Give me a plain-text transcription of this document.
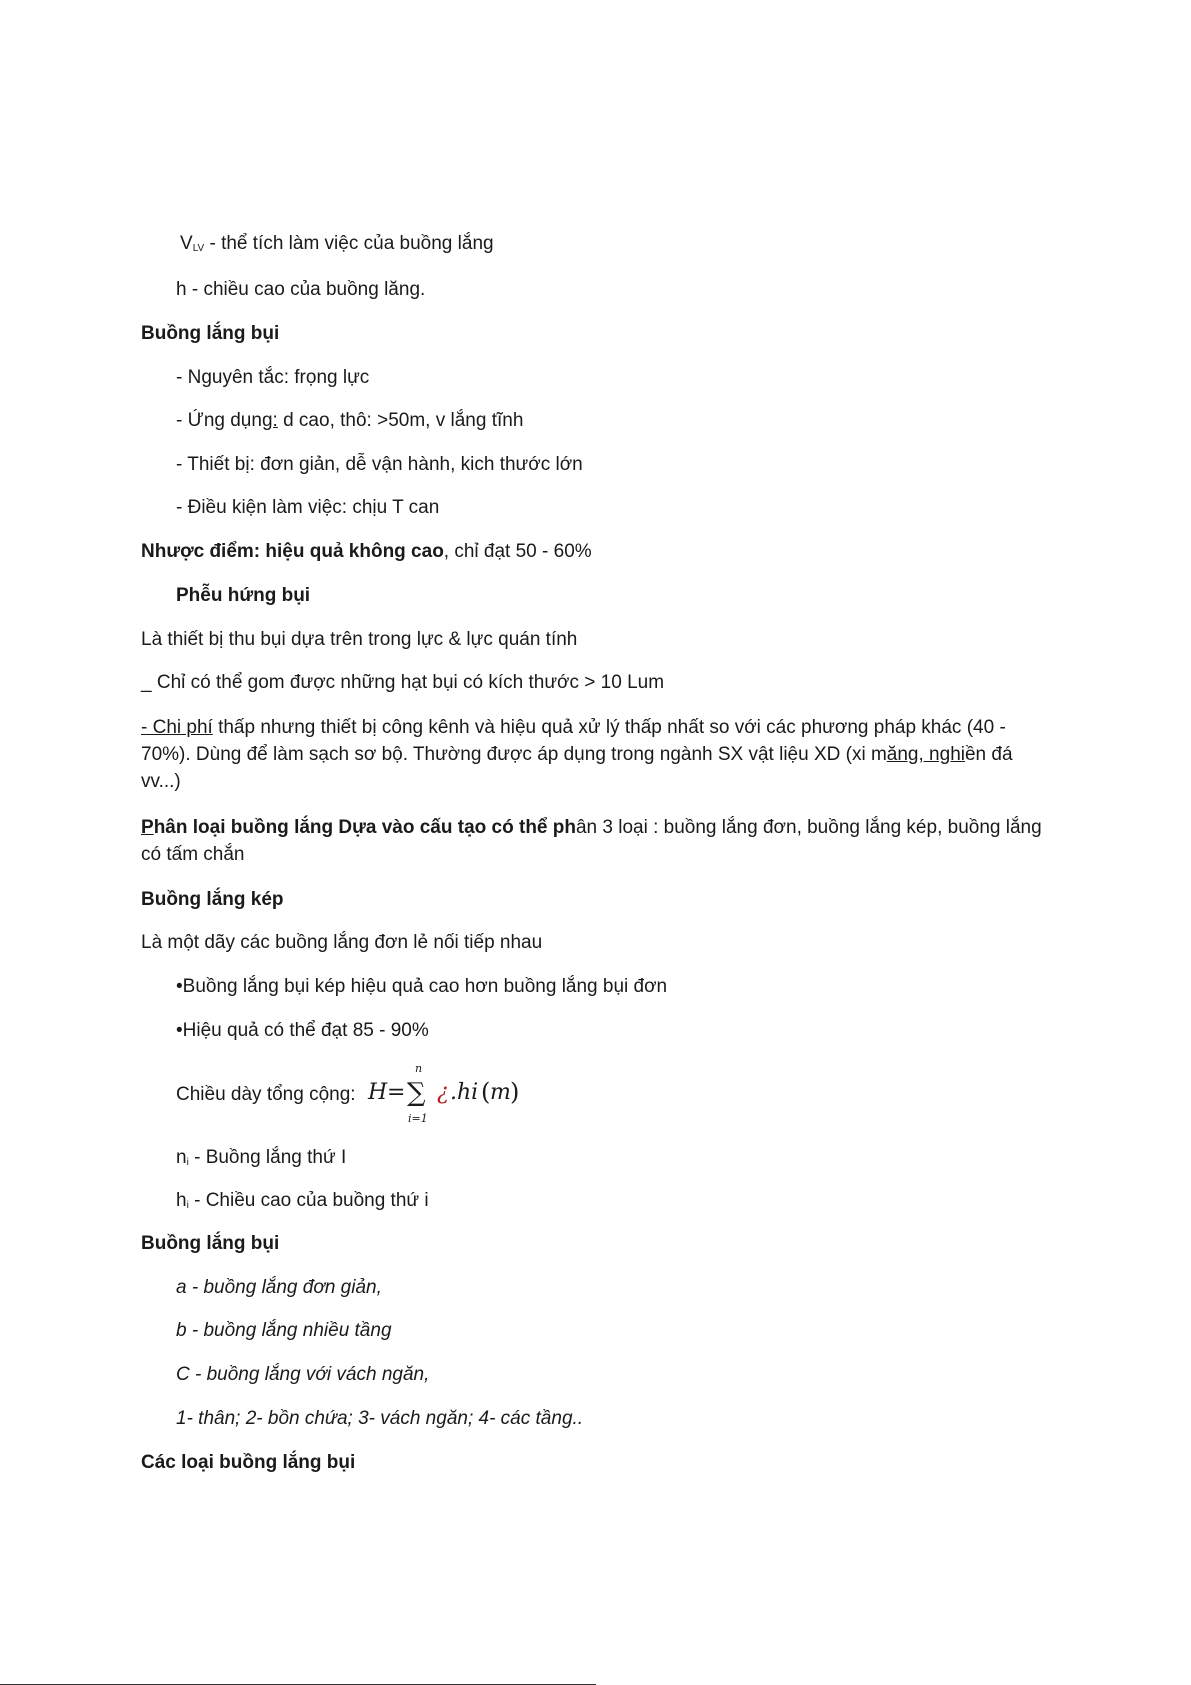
$V_{LV}$ - thể tích làm việc của buồng lắng
h - chiều cao của buồng lăng.
Buồng lắng bụi
- Nguyên tắc: frọng lực
- Ứng dụng: d cao, thô: >50m, v lắng tĩnh
- Thiết bị: đơn giản, dễ vận hành, kich thước lớn
- Điều kiện làm việc: chịu T can
Nhược điểm: hiệu quả không cao, chỉ đạt 50 - 60%
Phễu hứng bụi
Là thiết bị thu bụi dựa trên trong lực & lực quán tính
_ Chỉ có thể gom được những hạt bụi có kích thước > 10 Lum
- Chi phí thấp nhưng thiết bị công kênh và hiệu quả xử lý thấp nhất so với các phương pháp khác (40 -
70%). Dùng để làm sạch sơ bộ. Thường được áp dụng trong ngành SX vật liệu XD (xi măng, nghiền đá
vv...)
Phân loại buồng lắng Dựa vào cấu tạo có thể phân 3 loại : buồng lắng đơn, buồng lắng kép, buồng lắng
có tấm chắn
Buồng lắng kép
Là một dãy các buồng lắng đơn lẻ nối tiếp nhau
•Buồng lắng bụi kép hiệu quả cao hơn buồng lắng bụi đơn
•Hiệu quả có thể đạt 85 - 90%
Chiều dày tổng cộng: H = ∑
n
i=1
¿ .hi ( m )
$n_i$ - Buồng lắng thứ I
$h_i$ - Chiều cao của buồng thứ i
Buồng lắng bụi
a - buồng lắng đơn giản,
b - buồng lắng nhiều tầng
C - buồng lắng với vách ngăn,
1- thân; 2- bồn chứa; 3- vách ngăn; 4- các tầng..
Các loại buồng lắng bụi
